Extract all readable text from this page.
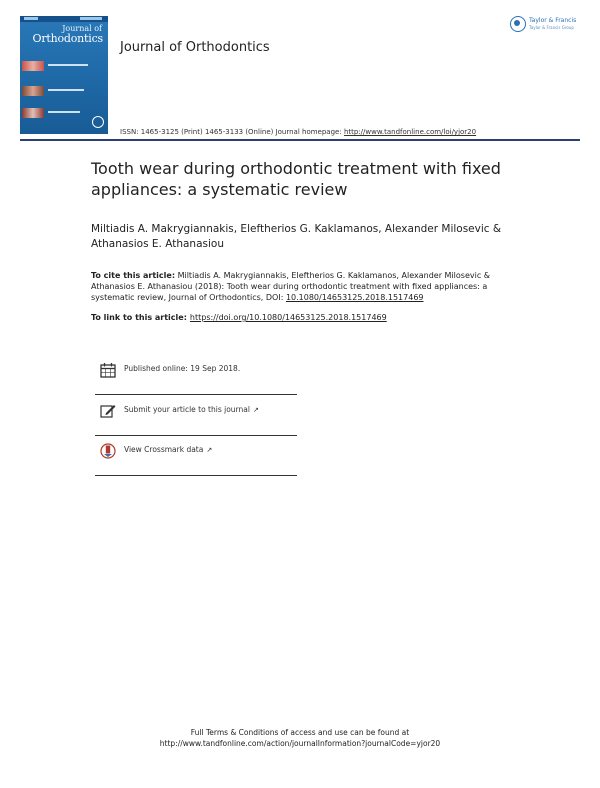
Journal of
Orthodontics
Journal of Orthodontics
Taylor & Francis
Taylor & Francis Group
ISSN: 1465-3125 (Print) 1465-3133 (Online) Journal homepage: http://www.tandfonline.com/loi/yjor20
Tooth wear during orthodontic treatment with fixed appliances: a systematic review
Miltiadis A. Makrygiannakis, Eleftherios G. Kaklamanos, Alexander Milosevic & Athanasios E. Athanasiou
To cite this article: Miltiadis A. Makrygiannakis, Eleftherios G. Kaklamanos, Alexander Milosevic & Athanasios E. Athanasiou (2018): Tooth wear during orthodontic treatment with fixed appliances: a systematic review, Journal of Orthodontics, DOI: 10.1080/14653125.2018.1517469
To link to this article: https://doi.org/10.1080/14653125.2018.1517469
Published online: 19 Sep 2018.
Submit your article to this journal ↗
View Crossmark data ↗
Full Terms & Conditions of access and use can be found at
http://www.tandfonline.com/action/journalInformation?journalCode=yjor20
